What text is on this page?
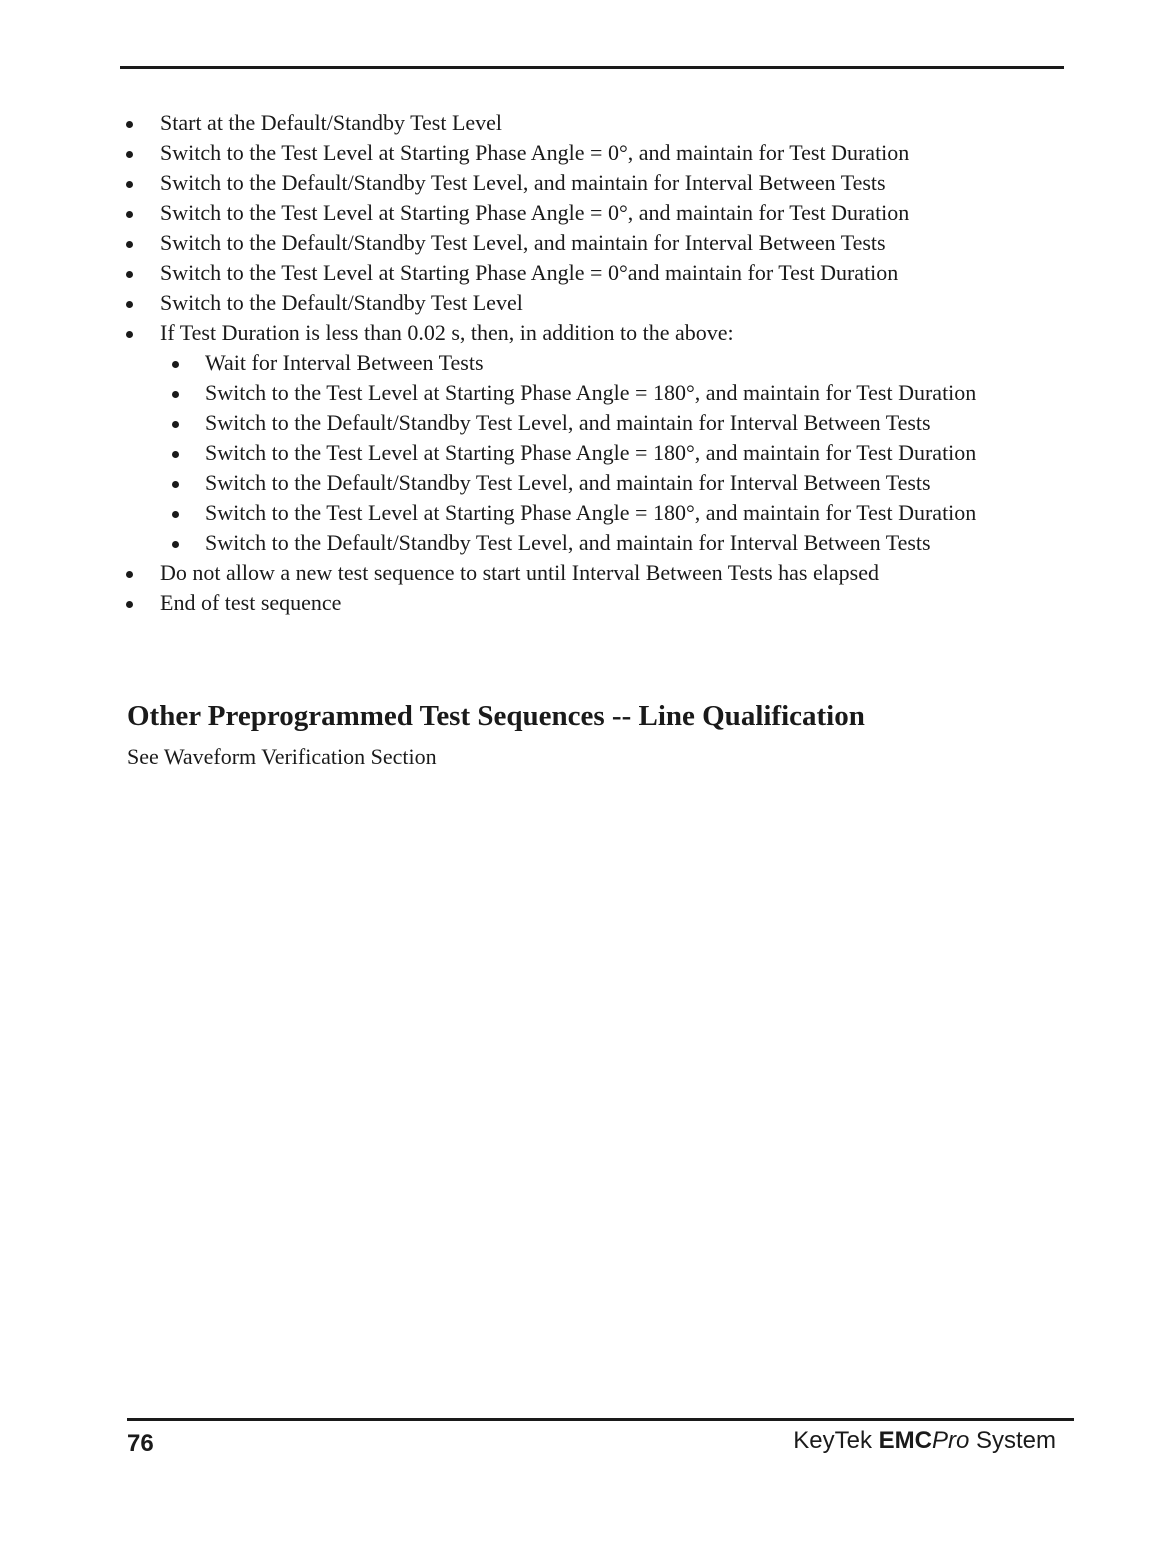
Start at the Default/Standby Test Level
Switch to the Test Level at Starting Phase Angle = 0°, and maintain for Test Duration
Switch to the Default/Standby Test Level, and maintain for Interval Between Tests
Switch to the Test Level at Starting Phase Angle = 0°, and maintain for Test Duration
Switch to the Default/Standby Test Level, and maintain for Interval Between Tests
Switch to the Test Level at Starting Phase Angle = 0°and maintain for Test Duration
Switch to the Default/Standby Test Level
If Test Duration is less than 0.02 s, then, in addition to the above:
Wait for Interval Between Tests
Switch to the Test Level at Starting Phase Angle = 180°, and maintain for Test Duration
Switch to the Default/Standby Test Level, and maintain for Interval Between Tests
Switch to the Test Level at Starting Phase Angle = 180°, and maintain for Test Duration
Switch to the Default/Standby Test Level, and maintain for Interval Between Tests
Switch to the Test Level at Starting Phase Angle = 180°, and maintain for Test Duration
Switch to the Default/Standby Test Level, and maintain for Interval Between Tests
Do not allow a new test sequence to start until Interval Between Tests has elapsed
End of test sequence
Other Preprogrammed Test Sequences -- Line Qualification

See Waveform Verification Section

76	KeyTek EMCPro System
